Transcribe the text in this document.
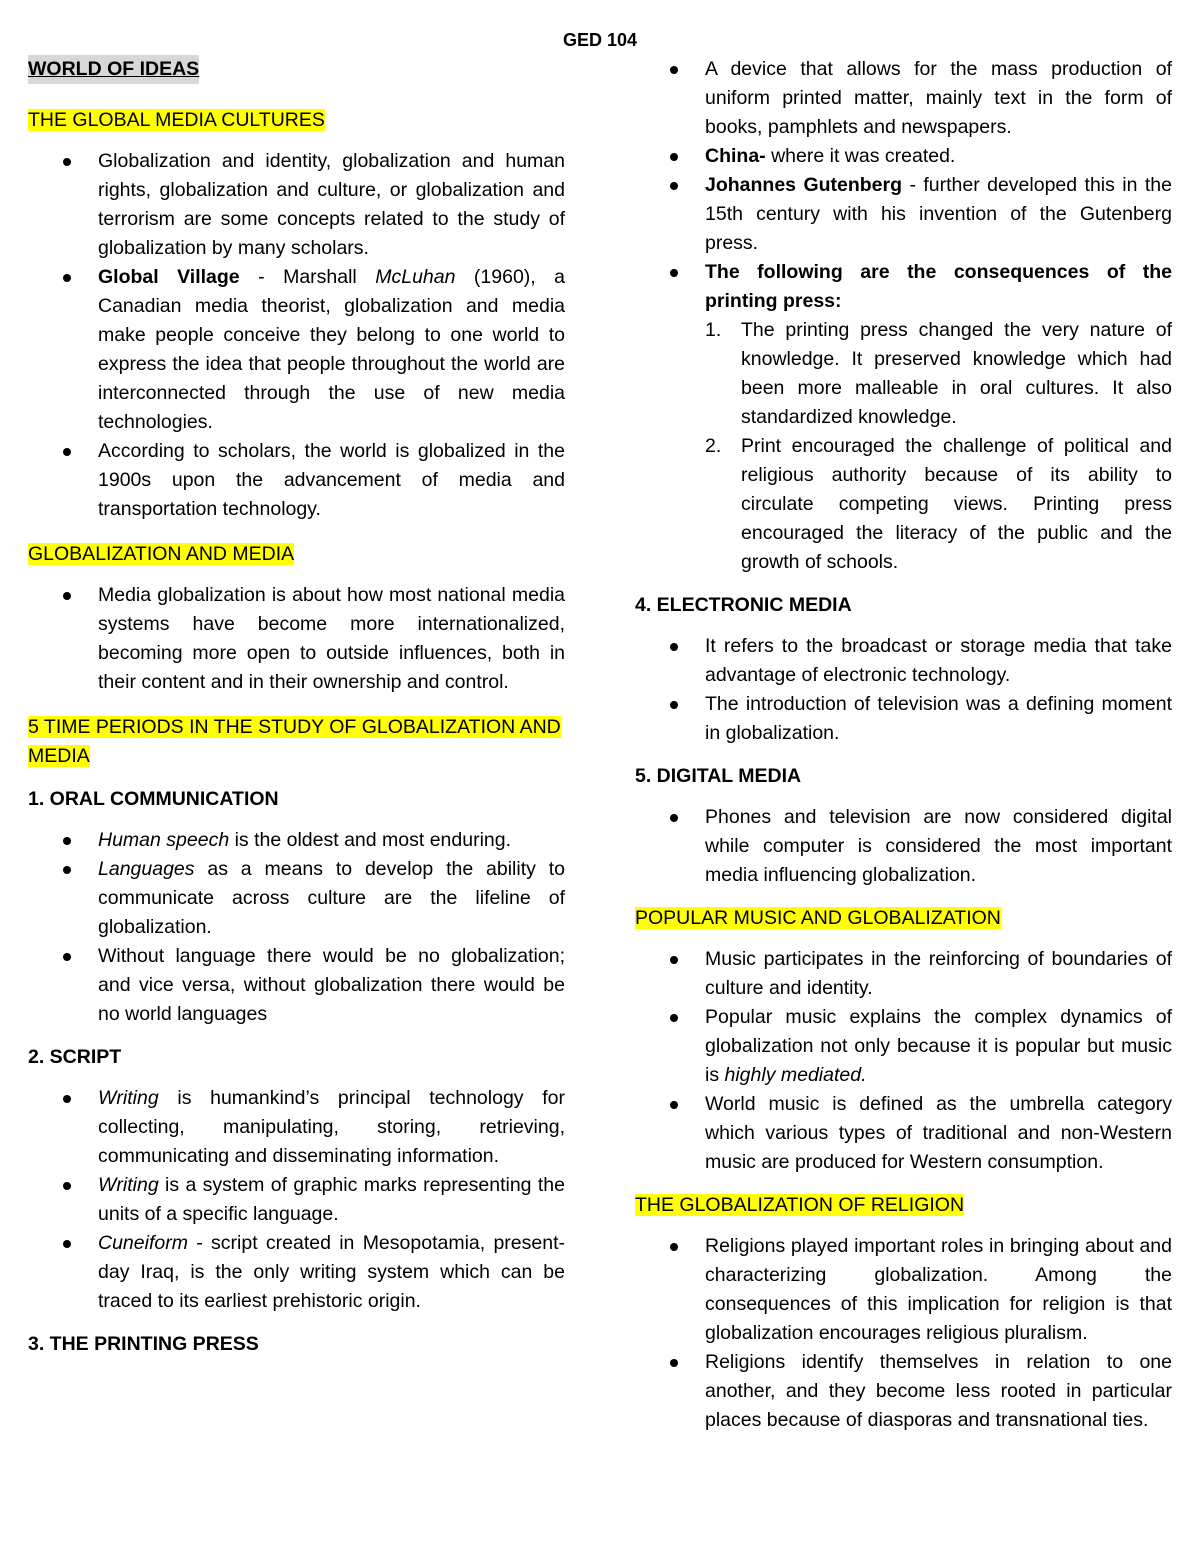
GED 104
WORLD OF IDEAS
THE GLOBAL MEDIA CULTURES
Globalization and identity, globalization and human rights, globalization and culture, or globalization and terrorism are some concepts related to the study of globalization by many scholars.
Global Village - Marshall McLuhan (1960), a Canadian media theorist, globalization and media make people conceive they belong to one world to express the idea that people throughout the world are interconnected through the use of new media technologies.
According to scholars, the world is globalized in the 1900s upon the advancement of media and transportation technology.
GLOBALIZATION AND MEDIA
Media globalization is about how most national media systems have become more internationalized, becoming more open to outside influences, both in their content and in their ownership and control.
5 TIME PERIODS IN THE STUDY OF GLOBALIZATION AND
MEDIA
1. ORAL COMMUNICATION
Human speech is the oldest and most enduring.
Languages as a means to develop the ability to communicate across culture are the lifeline of globalization.
Without language there would be no globalization; and vice versa, without globalization there would be no world languages
2. SCRIPT
Writing is humankind’s principal technology for collecting, manipulating, storing, retrieving, communicating and disseminating information.
Writing is a system of graphic marks representing the units of a specific language.
Cuneiform - script created in Mesopotamia, present-day Iraq, is the only writing system which can be traced to its earliest prehistoric origin.
3. THE PRINTING PRESS
A device that allows for the mass production of uniform printed matter, mainly text in the form of books, pamphlets and newspapers.
China- where it was created.
Johannes Gutenberg - further developed this in the 15th century with his invention of the Gutenberg press.
The following are the consequences of the printing press:
1. The printing press changed the very nature of knowledge. It preserved knowledge which had been more malleable in oral cultures. It also standardized knowledge.
2. Print encouraged the challenge of political and religious authority because of its ability to circulate competing views. Printing press encouraged the literacy of the public and the growth of schools.
4. ELECTRONIC MEDIA
It refers to the broadcast or storage media that take advantage of electronic technology.
The introduction of television was a defining moment in globalization.
5. DIGITAL MEDIA
Phones and television are now considered digital while computer is considered the most important media influencing globalization.
POPULAR MUSIC AND GLOBALIZATION
Music participates in the reinforcing of boundaries of culture and identity.
Popular music explains the complex dynamics of globalization not only because it is popular but music is highly mediated.
World music is defined as the umbrella category which various types of traditional and non-Western music are produced for Western consumption.
THE GLOBALIZATION OF RELIGION
Religions played important roles in bringing about and characterizing globalization. Among the consequences of this implication for religion is that globalization encourages religious pluralism.
Religions identify themselves in relation to one another, and they become less rooted in particular places because of diasporas and transnational ties.
